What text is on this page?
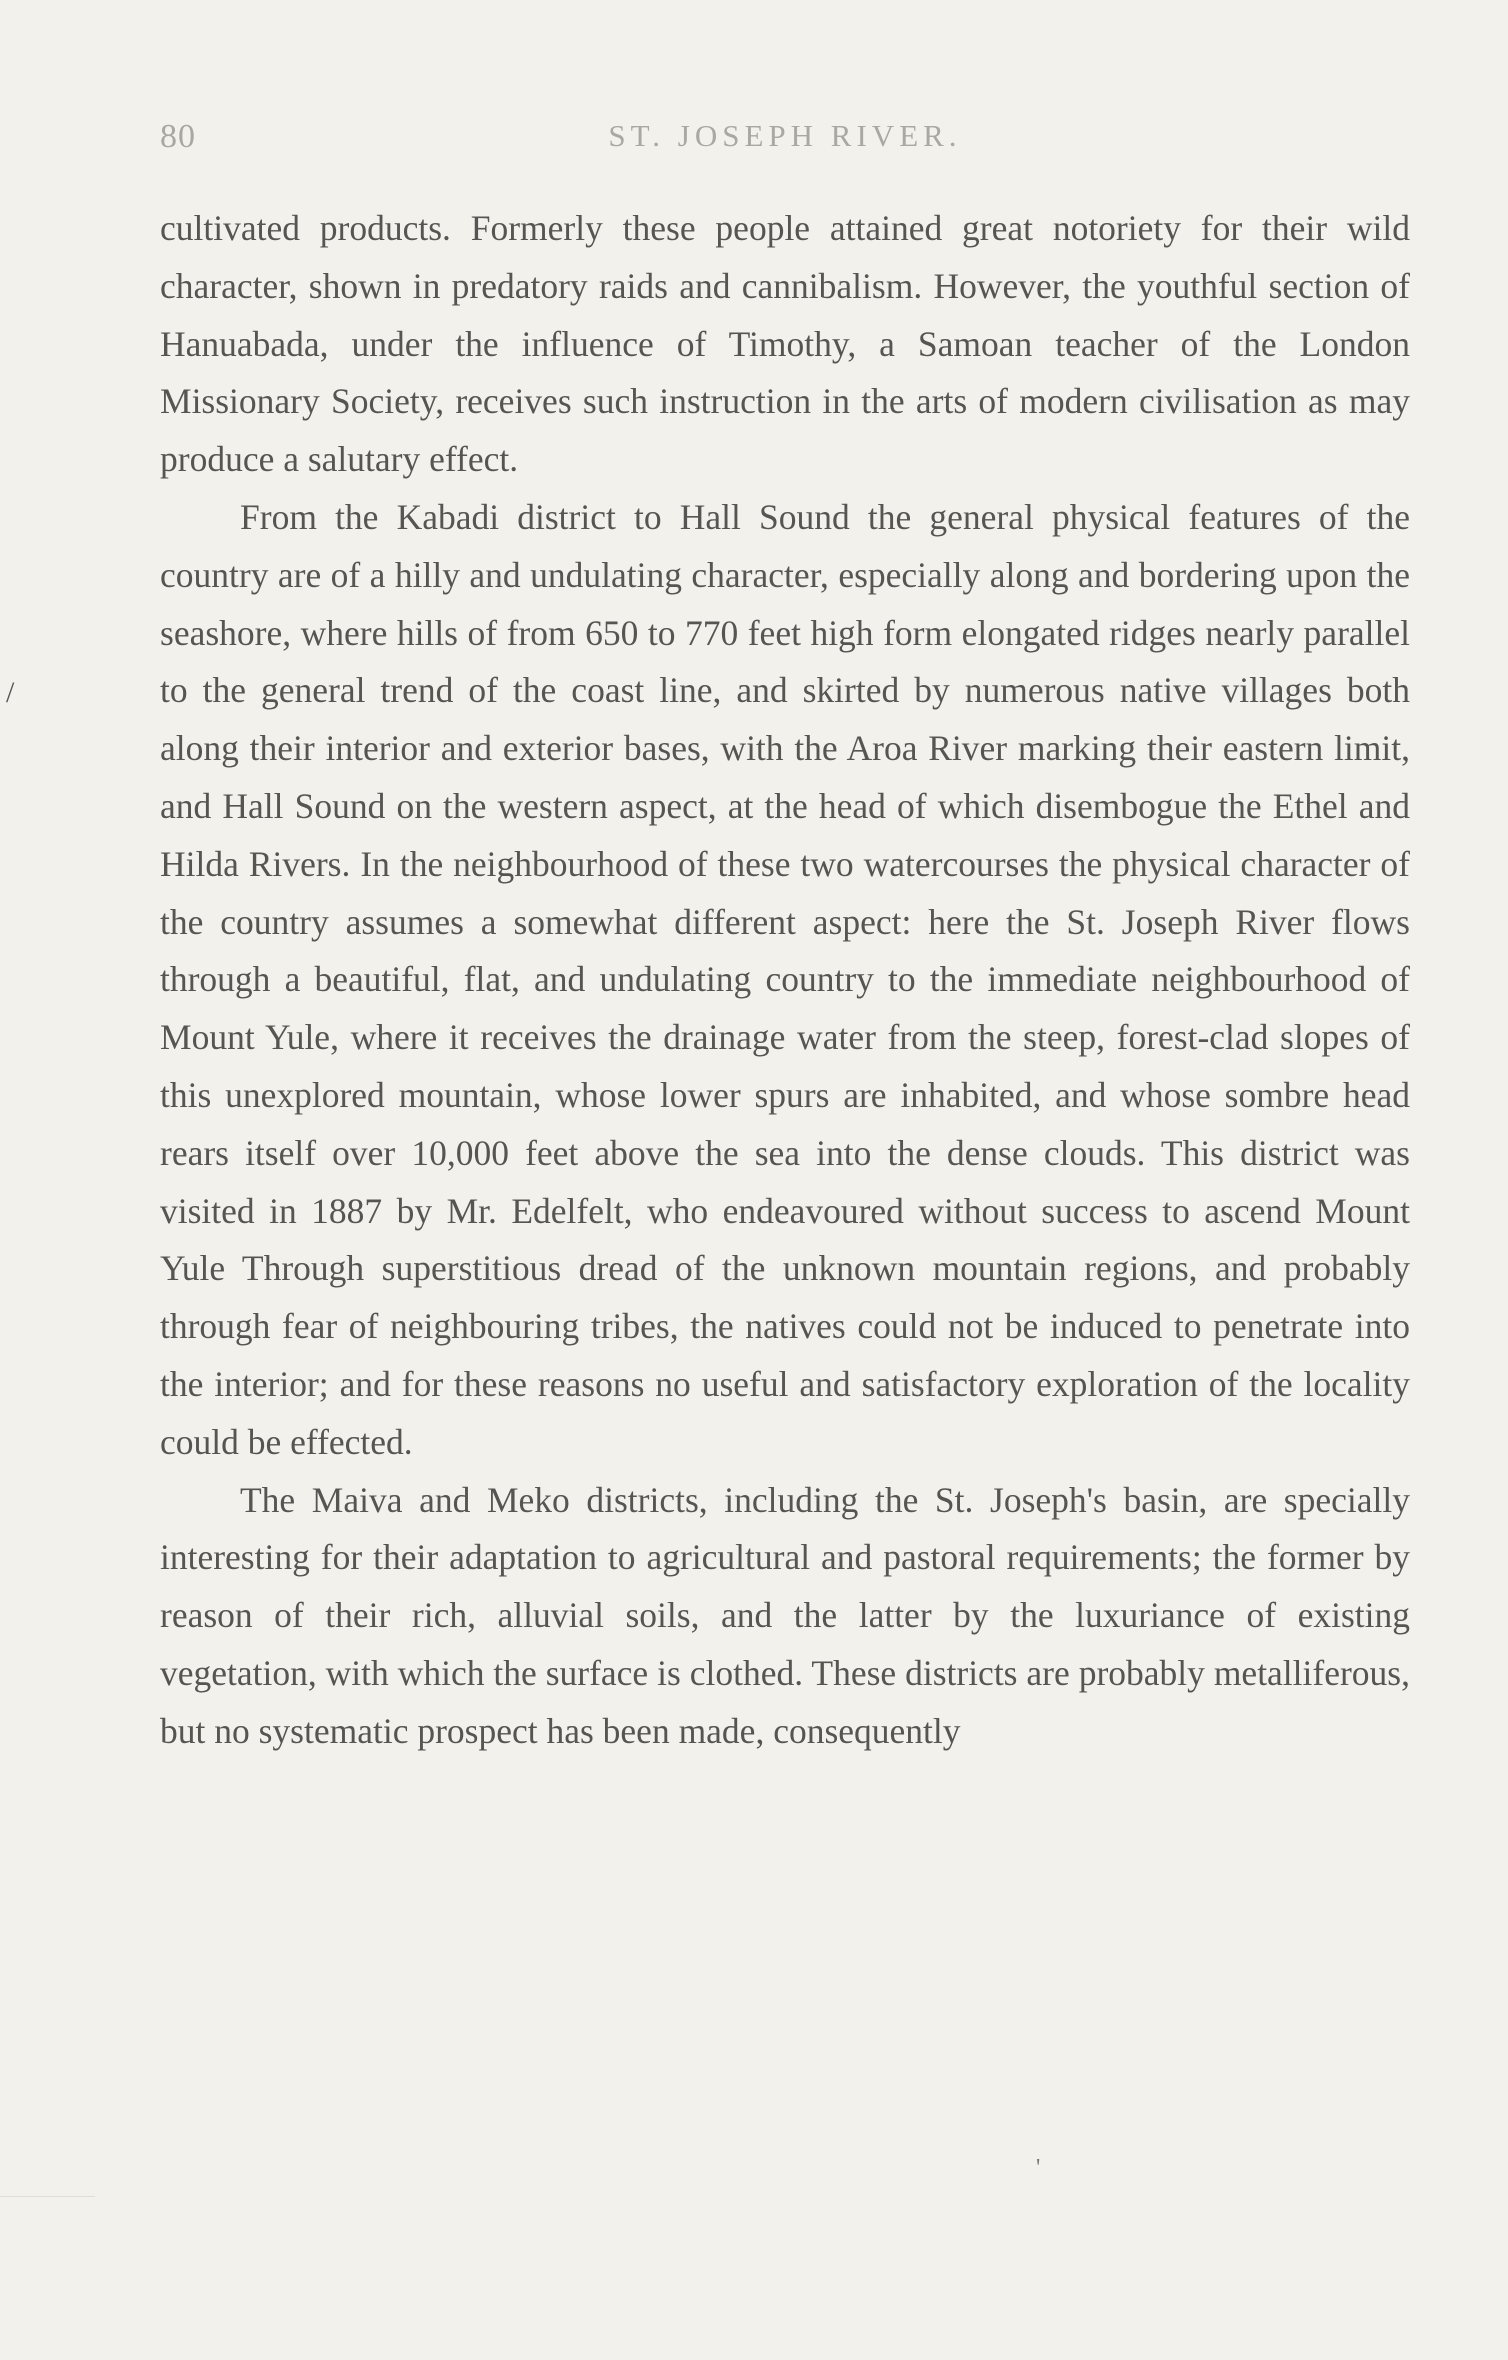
80	ST. JOSEPH RIVER.

cultivated products. Formerly these people attained great notoriety for their wild character, shown in predatory raids and cannibalism. However, the youthful section of Hanuabada, under the influence of Timothy, a Samoan teacher of the London Missionary Society, receives such instruction in the arts of modern civilisation as may produce a salutary effect.

From the Kabadi district to Hall Sound the general physical features of the country are of a hilly and undulating character, especially along and bordering upon the seashore, where hills of from 650 to 770 feet high form elongated ridges nearly parallel to the general trend of the coast line, and skirted by numerous native villages both along their interior and exterior bases, with the Aroa River marking their eastern limit, and Hall Sound on the western aspect, at the head of which disembogue the Ethel and Hilda Rivers. In the neighbourhood of these two watercourses the physical character of the country assumes a somewhat different aspect: here the St. Joseph River flows through a beautiful, flat, and undulating country to the immediate neighbourhood of Mount Yule, where it receives the drainage water from the steep, forest-clad slopes of this unexplored mountain, whose lower spurs are inhabited, and whose sombre head rears itself over 10,000 feet above the sea into the dense clouds. This district was visited in 1887 by Mr. Edelfelt, who endeavoured without success to ascend Mount Yule Through superstitious dread of the unknown mountain regions, and probably through fear of neighbouring tribes, the natives could not be induced to penetrate into the interior; and for these reasons no useful and satisfactory exploration of the locality could be effected.

The Maiva and Meko districts, including the St. Joseph's basin, are specially interesting for their adaptation to agricultural and pastoral requirements; the former by reason of their rich, alluvial soils, and the latter by the luxuriance of existing vegetation, with which the surface is clothed. These districts are probably metalliferous, but no systematic prospect has been made, consequently

/
'
